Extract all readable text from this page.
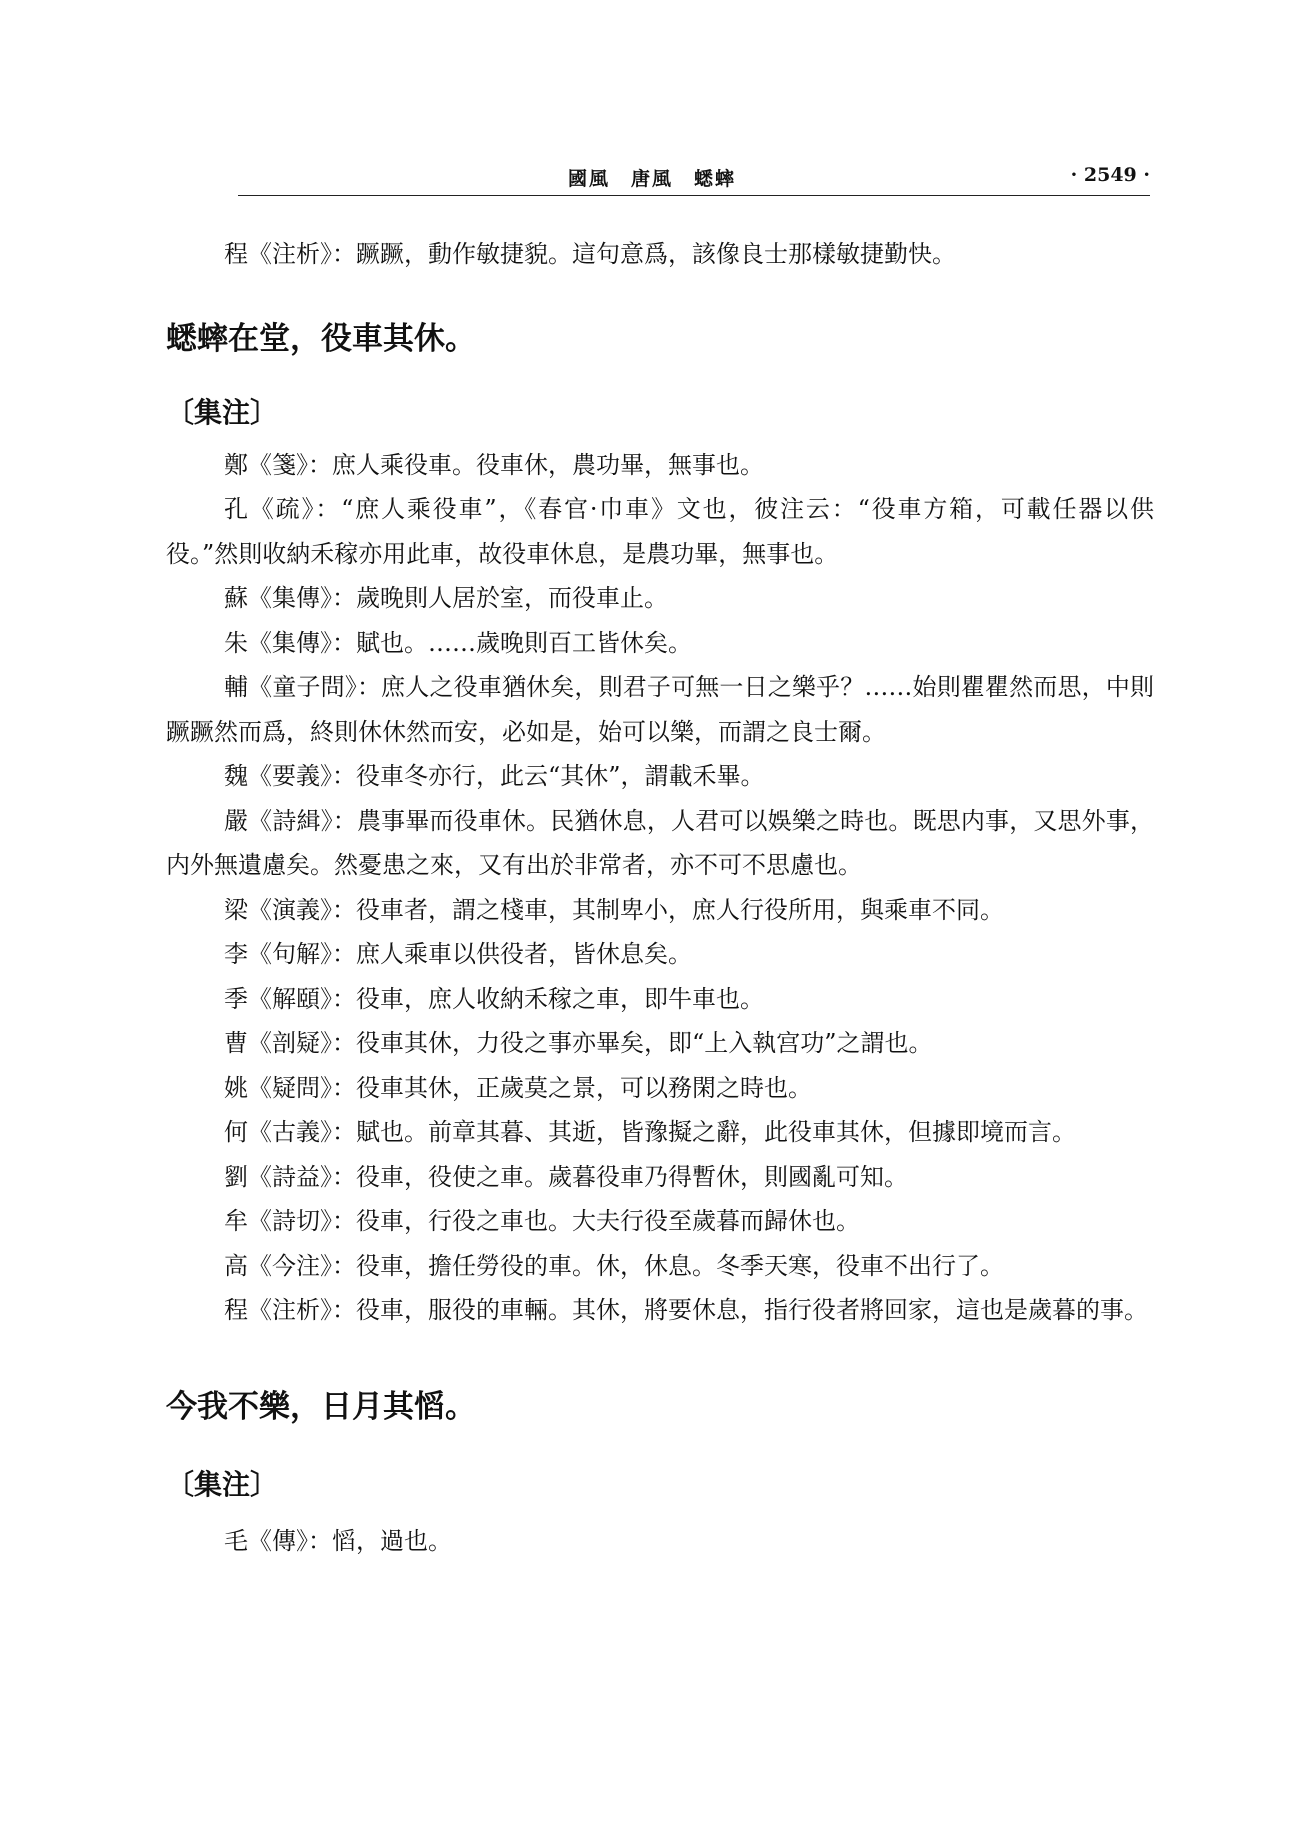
國風　唐風　蟋蟀	· 2549 ·

程《注析》：蹶蹶，動作敏捷貌。這句意爲，該像良士那樣敏捷勤快。

蟋蟀在堂，役車其休。
〔集注〕

鄭《箋》：庶人乘役車。役車休，農功畢，無事也。

孔《疏》：“庶人乘役車”，《春官·巾車》文也，彼注云：“役車方箱，可載任器以供役。”然則收納禾稼亦用此車，故役車休息，是農功畢，無事也。

蘇《集傳》：歲晚則人居於室，而役車止。

朱《集傳》：賦也。……歲晚則百工皆休矣。

輔《童子問》：庶人之役車猶休矣，則君子可無一日之樂乎？……始則瞿瞿然而思，中則蹶蹶然而爲，終則休休然而安，必如是，始可以樂，而謂之良士爾。

魏《要義》：役車冬亦行，此云“其休”，謂載禾畢。

嚴《詩緝》：農事畢而役車休。民猶休息，人君可以娛樂之時也。既思内事，又思外事，内外無遺慮矣。然憂患之來，又有出於非常者，亦不可不思慮也。

梁《演義》：役車者，謂之棧車，其制卑小，庶人行役所用，與乘車不同。

李《句解》：庶人乘車以供役者，皆休息矣。

季《解頤》：役車，庶人收納禾稼之車，即牛車也。

曹《剖疑》：役車其休，力役之事亦畢矣，即“上入執宫功”之謂也。

姚《疑問》：役車其休，正歲莫之景，可以務閑之時也。

何《古義》：賦也。前章其暮、其逝，皆豫擬之辭，此役車其休，但據即境而言。

劉《詩益》：役車，役使之車。歲暮役車乃得暫休，則國亂可知。

牟《詩切》：役車，行役之車也。大夫行役至歲暮而歸休也。

高《今注》：役車，擔任勞役的車。休，休息。冬季天寒，役車不出行了。

程《注析》：役車，服役的車輛。其休，將要休息，指行役者將回家，這也是歲暮的事。

今我不樂，日月其慆。
〔集注〕

毛《傳》：慆，過也。
